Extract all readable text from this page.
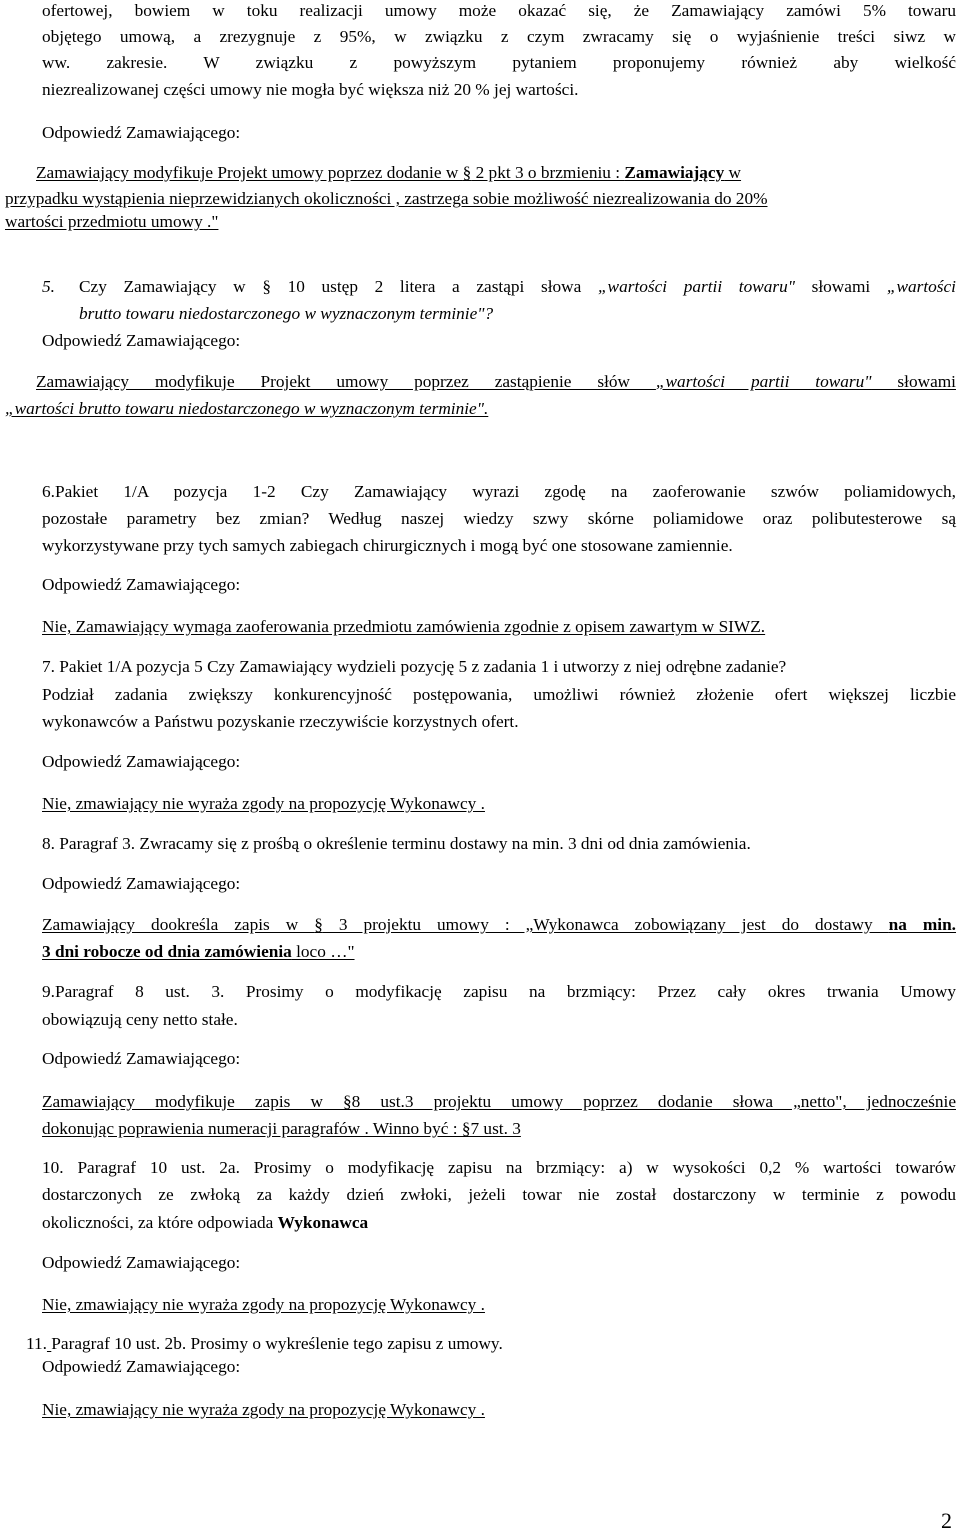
ofertowej, bowiem w toku realizacji umowy może okazać się, że Zamawiający zamówi 5% towaru
objętego umową, a zrezygnuje z 95%, w związku z czym zwracamy się o wyjaśnienie treści siwz w
ww. zakresie. W związku z powyższym pytaniem proponujemy również aby wielkość
niezrealizowanej części umowy nie mogła być większa niż 20 % jej wartości.
Odpowiedź Zamawiającego:
Zamawiający modyfikuje Projekt umowy poprzez dodanie w § 2 pkt 3 o brzmieniu : Zamawiający w
przypadku wystąpienia nieprzewidzianych okoliczności , zastrzega sobie możliwość niezrealizowania do 20%
wartości przedmiotu umowy ."
5. Czy Zamawiający w § 10 ustęp 2 litera a zastąpi słowa „wartości partii towaru" słowami „wartości
brutto towaru niedostarczonego w wyznaczonym terminie"?
Odpowiedź Zamawiającego:
Zamawiający modyfikuje Projekt umowy poprzez zastąpienie słów „wartości partii towaru" słowami
„wartości brutto towaru niedostarczonego w wyznaczonym terminie".
6.Pakiet 1/A pozycja 1-2 Czy Zamawiający wyrazi zgodę na zaoferowanie szwów poliamidowych,
pozostałe parametry bez zmian? Według naszej wiedzy szwy skórne poliamidowe oraz polibutesterowe są
wykorzystywane przy tych samych zabiegach chirurgicznych i mogą być one stosowane zamiennie.
Odpowiedź Zamawiającego:
Nie, Zamawiający wymaga zaoferowania przedmiotu zamówienia zgodnie z opisem zawartym w SIWZ.
7. Pakiet 1/A pozycja 5 Czy Zamawiający wydzieli pozycję 5 z zadania 1 i utworzy z niej odrębne zadanie?
Podział zadania zwiększy konkurencyjność postępowania, umożliwi również złożenie ofert większej liczbie
wykonawców a Państwu pozyskanie rzeczywiście korzystnych ofert.
Odpowiedź Zamawiającego:
Nie, zmawiający nie wyraża zgody na propozycję Wykonawcy .
8. Paragraf 3. Zwracamy się z prośbą o określenie terminu dostawy na min. 3 dni od dnia zamówienia.
Odpowiedź Zamawiającego:
Zamawiający dookreśla zapis w § 3 projektu umowy : „Wykonawca zobowiązany jest do dostawy na min.
3 dni robocze od dnia zamówienia loco …"
9.Paragraf 8 ust. 3. Prosimy o modyfikację zapisu na brzmiący: Przez cały okres trwania Umowy
obowiązują ceny netto stałe.
Odpowiedź Zamawiającego:
Zamawiający modyfikuje zapis w §8 ust.3 projektu umowy poprzez dodanie słowa „netto", jednocześnie
dokonując poprawienia numeracji paragrafów . Winno być : §7 ust. 3
10. Paragraf 10 ust. 2a. Prosimy o modyfikację zapisu na brzmiący: a) w wysokości 0,2 % wartości towarów
dostarczonych ze zwłoką za każdy dzień zwłoki, jeżeli towar nie został dostarczony w terminie z powodu
okoliczności, za które odpowiada Wykonawca
Odpowiedź Zamawiającego:
Nie, zmawiający nie wyraża zgody na propozycję Wykonawcy .
11. Paragraf 10 ust. 2b. Prosimy o wykreślenie tego zapisu z umowy.
Odpowiedź Zamawiającego:
Nie, zmawiający nie wyraża zgody na propozycję Wykonawcy .
2
